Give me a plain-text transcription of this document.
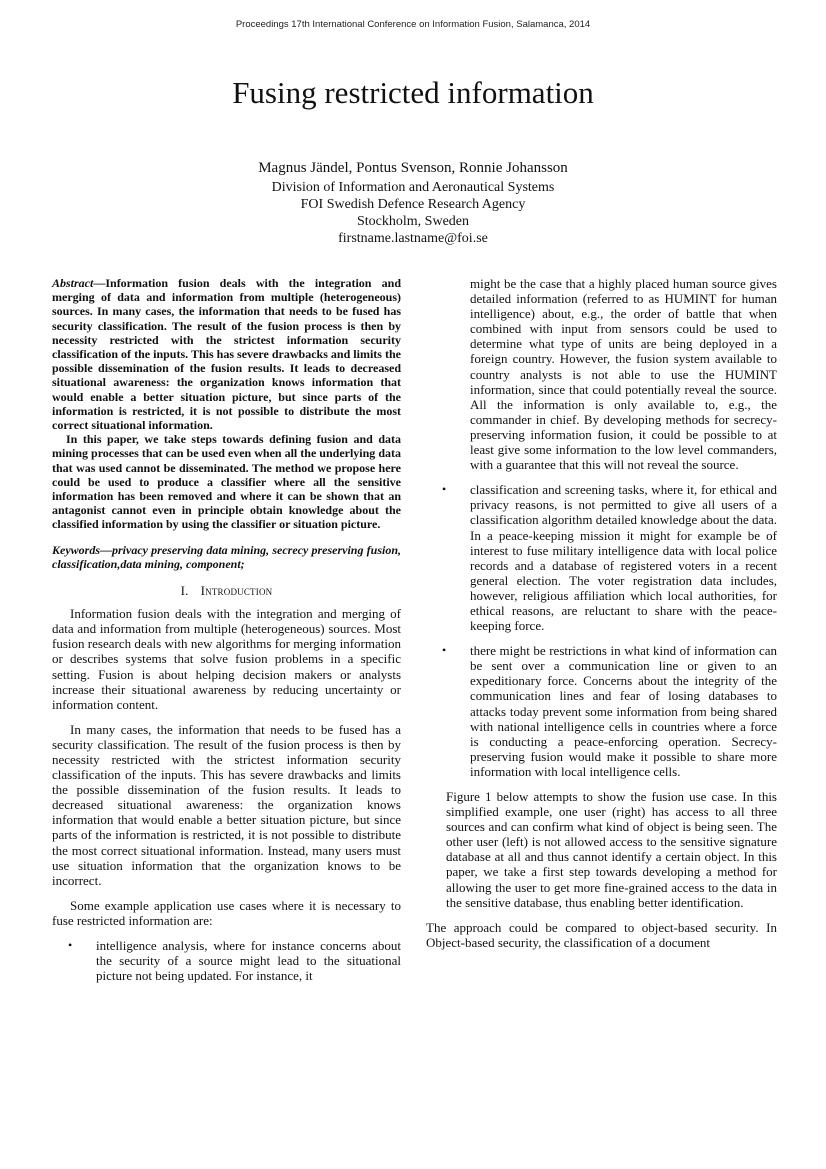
Proceedings 17th International Conference on Information Fusion, Salamanca, 2014
Fusing restricted information
Magnus Jändel, Pontus Svenson, Ronnie Johansson
Division of Information and Aeronautical Systems
FOI Swedish Defence Research Agency
Stockholm, Sweden
firstname.lastname@foi.se

Abstract—Information fusion deals with the integration and merging of data and information from multiple (heterogeneous) sources. In many cases, the information that needs to be fused has security classification. The result of the fusion process is then by necessity restricted with the strictest information security classification of the inputs. This has severe drawbacks and limits the possible dissemination of the fusion results. It leads to decreased situational awareness: the organization knows information that would enable a better situation picture, but since parts of the information is restricted, it is not possible to distribute the most correct situational information.

In this paper, we take steps towards defining fusion and data mining processes that can be used even when all the underlying data that was used cannot be disseminated. The method we propose here could be used to produce a classifier where all the sensitive information has been removed and where it can be shown that an antagonist cannot even in principle obtain knowledge about the classified information by using the classifier or situation picture.

Keywords—privacy preserving data mining, secrecy preserving fusion, classification,data mining, component;

I. Introduction

Information fusion deals with the integration and merging of data and information from multiple (heterogeneous) sources. Most fusion research deals with new algorithms for merging information or describes systems that solve fusion problems in a specific setting. Fusion is about helping decision makers or analysts increase their situational awareness by reducing uncertainty or information content.

In many cases, the information that needs to be fused has a security classification. The result of the fusion process is then by necessity restricted with the strictest information security classification of the inputs. This has severe drawbacks and limits the possible dissemination of the fusion results. It leads to decreased situational awareness: the organization knows information that would enable a better situation picture, but since parts of the information is restricted, it is not possible to distribute the most correct situational information. Instead, many users must use situation information that the organization knows to be incorrect.

Some example application use cases where it is necessary to fuse restricted information are:

• intelligence analysis, where for instance concerns about the security of a source might lead to the situational picture not being updated. For instance, it

might be the case that a highly placed human source gives detailed information (referred to as HUMINT for human intelligence) about, e.g., the order of battle that when combined with input from sensors could be used to determine what type of units are being deployed in a foreign country. However, the fusion system available to country analysts is not able to use the HUMINT information, since that could potentially reveal the source. All the information is only available to, e.g., the commander in chief. By developing methods for secrecy-preserving information fusion, it could be possible to at least give some information to the low level commanders, with a guarantee that this will not reveal the source.

• classification and screening tasks, where it, for ethical and privacy reasons, is not permitted to give all users of a classification algorithm detailed knowledge about the data. In a peace-keeping mission it might for example be of interest to fuse military intelligence data with local police records and a database of registered voters in a recent general election. The voter registration data includes, however, religious affiliation which local authorities, for ethical reasons, are reluctant to share with the peace-keeping force.

• there might be restrictions in what kind of information can be sent over a communication line or given to an expeditionary force. Concerns about the integrity of the communication lines and fear of losing databases to attacks today prevent some information from being shared with national intelligence cells in countries where a force is conducting a peace-enforcing operation. Secrecy-preserving fusion would make it possible to share more information with local intelligence cells.

Figure 1 below attempts to show the fusion use case. In this simplified example, one user (right) has access to all three sources and can confirm what kind of object is being seen. The other user (left) is not allowed access to the sensitive signature database at all and thus cannot identify a certain object. In this paper, we take a first step towards developing a method for allowing the user to get more fine-grained access to the data in the sensitive database, thus enabling better identification.

The approach could be compared to object-based security. In Object-based security, the classification of a document
